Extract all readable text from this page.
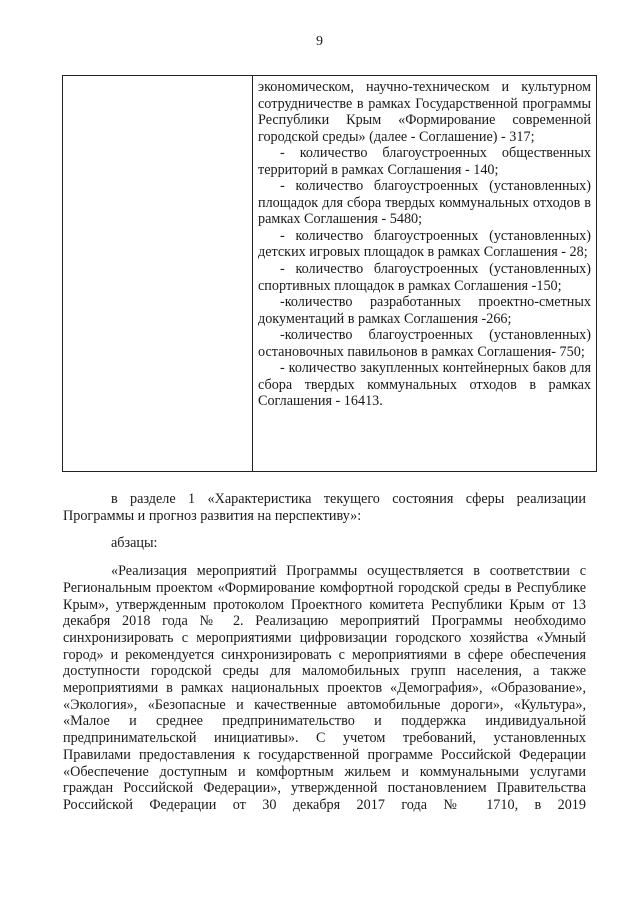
9

экономическом, научно-техническом и культурном сотрудничестве в рамках Государственной программы Республики Крым «Формирование современной городской среды» (далее - Соглашение) - 317;

- количество благоустроенных общественных территорий в рамках Соглашения - 140;

- количество благоустроенных (установленных) площадок для сбора твердых коммунальных отходов в рамках Соглашения - 5480;

- количество благоустроенных (установленных) детских игровых площадок в рамках Соглашения - 28;

- количество благоустроенных (установленных) спортивных площадок в рамках Соглашения -150;

-количество разработанных проектно-сметных документаций в рамках Соглашения -266;

-количество благоустроенных (установленных) остановочных павильонов в рамках Соглашения- 750;

- количество закупленных контейнерных баков для сбора твердых коммунальных отходов в рамках Соглашения - 16413.

в разделе 1 «Характеристика текущего состояния сферы реализации Программы и прогноз развития на перспективу»:

абзацы:

«Реализация мероприятий Программы осуществляется в соответствии с Региональным проектом «Формирование комфортной городской среды в Республике Крым», утвержденным протоколом Проектного комитета Республики Крым от 13 декабря 2018 года № 2. Реализацию мероприятий Программы необходимо синхронизировать с мероприятиями цифровизации городского хозяйства «Умный город» и рекомендуется синхронизировать с мероприятиями в сфере обеспечения доступности городской среды для маломобильных групп населения, а также мероприятиями в рамках национальных проектов «Демография», «Образование», «Экология», «Безопасные и качественные автомобильные дороги», «Культура», «Малое и среднее предпринимательство и поддержка индивидуальной предпринимательской инициативы». С учетом требований, установленных Правилами предоставления к государственной программе Российской Федерации «Обеспечение доступным и комфортным жильем и коммунальными услугами граждан Российской Федерации», утвержденной постановлением Правительства Российской Федерации от 30 декабря 2017 года № 1710, в 2019
